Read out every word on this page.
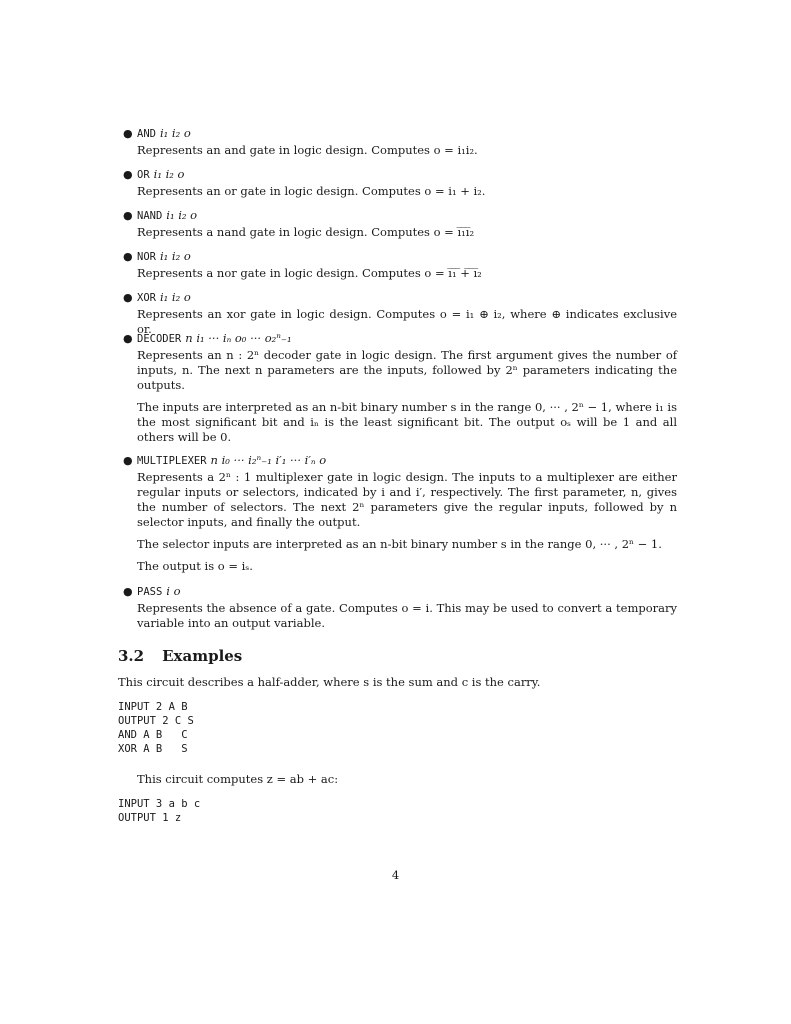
● AND i₁ i₂ o
Represents an and gate in logic design. Computes o = i₁i₂.
● OR i₁ i₂ o
Represents an or gate in logic design. Computes o = i₁ + i₂.
● NAND i₁ i₂ o
Represents a nand gate in logic design. Computes o = i̅₁̅i̅₂
● NOR i₁ i₂ o
Represents a nor gate in logic design. Computes o = i̅₁̅ ̅+̅ ̅i̅₂
● XOR i₁ i₂ o
Represents an xor gate in logic design. Computes o = i₁ ⊕ i₂, where ⊕ indicates exclusive or.
● DECODER n i₁ ··· iₙ o₀ ··· o₂ⁿ₋₁
Represents an n : 2ⁿ decoder gate in logic design. The first argument gives the number of inputs, n. The next n parameters are the inputs, followed by 2ⁿ parameters indicating the outputs.
The inputs are interpreted as an n-bit binary number s in the range 0, ··· , 2ⁿ − 1, where i₁ is the most significant bit and iₙ is the least significant bit. The output oₛ will be 1 and all others will be 0.
● MULTIPLEXER n i₀ ··· i₂ⁿ₋₁ i′₁ ··· i′ₙ o
Represents a 2ⁿ : 1 multiplexer gate in logic design. The inputs to a multiplexer are either regular inputs or selectors, indicated by i and i′, respectively. The first parameter, n, gives the number of selectors. The next 2ⁿ parameters give the regular inputs, followed by n selector inputs, and finally the output.
The selector inputs are interpreted as an n-bit binary number s in the range 0, ··· , 2ⁿ − 1.
The output is o = iₛ.
● PASS i o
Represents the absence of a gate. Computes o = i. This may be used to convert a temporary variable into an output variable.
3.2 Examples
This circuit describes a half-adder, where s is the sum and c is the carry.
INPUT 2 A B
OUTPUT 2 C S
AND A B   C
XOR A B   S
This circuit computes z = ab + ac:
INPUT 3 a b c
OUTPUT 1 z
4
